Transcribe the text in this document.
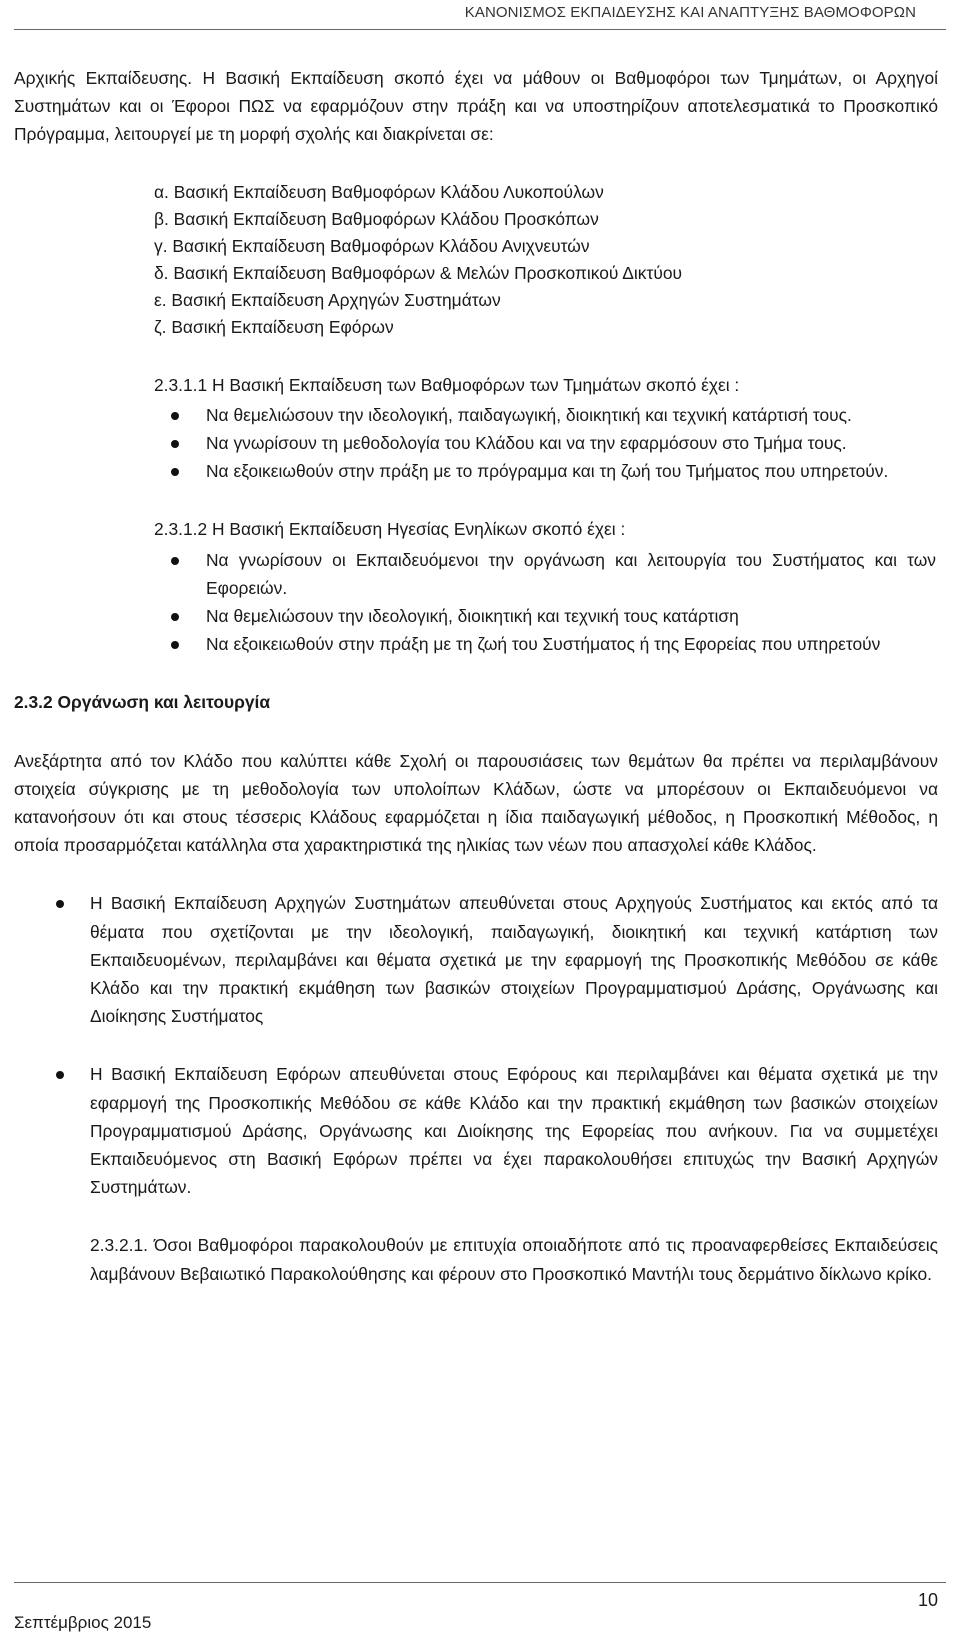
ΚΑΝΟΝΙΣΜΟΣ ΕΚΠΑΙΔΕΥΣΗΣ ΚΑΙ ΑΝΑΠΤΥΞΗΣ ΒΑΘΜΟΦΟΡΩΝ

Αρχικής Εκπαίδευσης. Η Βασική Εκπαίδευση σκοπό έχει να μάθουν οι Βαθμοφόροι των Τμημάτων, οι Αρχηγοί Συστημάτων και οι Έφοροι ΠΩΣ να εφαρμόζουν στην πράξη και να υποστηρίζουν αποτελεσματικά το Προσκοπικό Πρόγραμμα, λειτουργεί με τη μορφή σχολής και διακρίνεται σε:

α. Βασική Εκπαίδευση Βαθμοφόρων Κλάδου Λυκοπούλων
β. Βασική Εκπαίδευση Βαθμοφόρων Κλάδου Προσκόπων
γ. Βασική Εκπαίδευση Βαθμοφόρων Κλάδου Ανιχνευτών
δ. Βασική Εκπαίδευση Βαθμοφόρων & Μελών Προσκοπικού Δικτύου
ε. Βασική Εκπαίδευση Αρχηγών Συστημάτων
ζ. Βασική Εκπαίδευση Εφόρων
2.3.1.1 Η Βασική Εκπαίδευση των Βαθμοφόρων των Τμημάτων σκοπό έχει :
Να θεμελιώσουν την ιδεολογική, παιδαγωγική, διοικητική και τεχνική κατάρτισή τους.
Να γνωρίσουν τη μεθοδολογία του Κλάδου και να την εφαρμόσουν στο Τμήμα τους.
Να εξοικειωθούν στην πράξη με το πρόγραμμα και τη ζωή του Τμήματος που υπηρετούν.
2.3.1.2 Η Βασική Εκπαίδευση Ηγεσίας Ενηλίκων σκοπό έχει :
Να γνωρίσουν οι Εκπαιδευόμενοι την οργάνωση και λειτουργία του Συστήματος και των Εφορειών.
Να θεμελιώσουν την ιδεολογική, διοικητική και τεχνική τους κατάρτιση
Να εξοικειωθούν στην πράξη με τη ζωή του Συστήματος ή της Εφορείας που υπηρετούν
2.3.2 Οργάνωση και λειτουργία

Ανεξάρτητα από τον Κλάδο που καλύπτει κάθε Σχολή οι παρουσιάσεις των θεμάτων θα πρέπει να περιλαμβάνουν στοιχεία σύγκρισης με τη μεθοδολογία των υπολοίπων Κλάδων, ώστε να μπορέσουν οι Εκπαιδευόμενοι να κατανοήσουν ότι και στους τέσσερις Κλάδους εφαρμόζεται η ίδια παιδαγωγική μέθοδος, η Προσκοπική Μέθοδος, η οποία προσαρμόζεται κατάλληλα στα χαρακτηριστικά της ηλικίας των νέων που απασχολεί κάθε Κλάδος.

Η Βασική Εκπαίδευση Αρχηγών Συστημάτων απευθύνεται στους Αρχηγούς Συστήματος και εκτός από τα θέματα που σχετίζονται με την ιδεολογική, παιδαγωγική, διοικητική και τεχνική κατάρτιση των Εκπαιδευομένων, περιλαμβάνει και θέματα σχετικά με την εφαρμογή της Προσκοπικής Μεθόδου σε κάθε Κλάδο και την πρακτική εκμάθηση των βασικών στοιχείων Προγραμματισμού Δράσης, Οργάνωσης και Διοίκησης Συστήματος
Η Βασική Εκπαίδευση Εφόρων απευθύνεται στους Εφόρους και περιλαμβάνει και θέματα σχετικά με την εφαρμογή της Προσκοπικής Μεθόδου σε κάθε Κλάδο και την πρακτική εκμάθηση των βασικών στοιχείων Προγραμματισμού Δράσης, Οργάνωσης και Διοίκησης της Εφορείας που ανήκουν. Για να συμμετέχει Εκπαιδευόμενος στη Βασική Εφόρων πρέπει να έχει παρακολουθήσει επιτυχώς την Βασική Αρχηγών Συστημάτων.

2.3.2.1. Όσοι Βαθμοφόροι παρακολουθούν με επιτυχία οποιαδήποτε από τις προαναφερθείσες Εκπαιδεύσεις λαμβάνουν Βεβαιωτικό Παρακολούθησης και φέρουν στο Προσκοπικό Μαντήλι τους δερμάτινο δίκλωνο κρίκο.

10
Σεπτέμβριος 2015
